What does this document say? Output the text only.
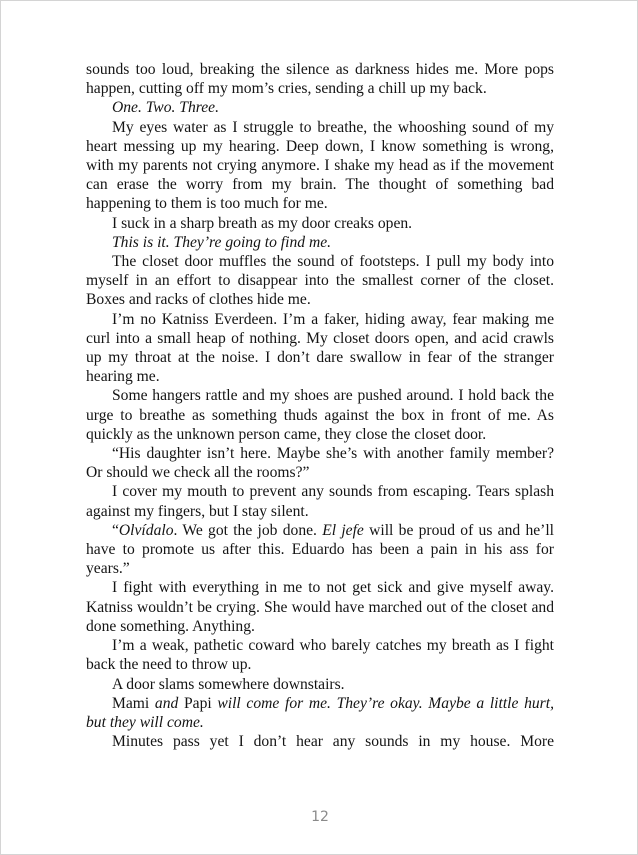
sounds too loud, breaking the silence as darkness hides me. More pops happen, cutting off my mom’s cries, sending a chill up my back.

One. Two. Three.

My eyes water as I struggle to breathe, the whooshing sound of my heart messing up my hearing. Deep down, I know something is wrong, with my parents not crying anymore. I shake my head as if the movement can erase the worry from my brain. The thought of something bad happening to them is too much for me.

I suck in a sharp breath as my door creaks open.

This is it. They’re going to find me.

The closet door muffles the sound of footsteps. I pull my body into myself in an effort to disappear into the smallest corner of the closet. Boxes and racks of clothes hide me.

I’m no Katniss Everdeen. I’m a faker, hiding away, fear making me curl into a small heap of nothing. My closet doors open, and acid crawls up my throat at the noise. I don’t dare swallow in fear of the stranger hearing me.

Some hangers rattle and my shoes are pushed around. I hold back the urge to breathe as something thuds against the box in front of me. As quickly as the unknown person came, they close the closet door.

“His daughter isn’t here. Maybe she’s with another family member? Or should we check all the rooms?”

I cover my mouth to prevent any sounds from escaping. Tears splash against my fingers, but I stay silent.

“Olvídalo. We got the job done. El jefe will be proud of us and he’ll have to promote us after this. Eduardo has been a pain in his ass for years.”

I fight with everything in me to not get sick and give myself away. Katniss wouldn’t be crying. She would have marched out of the closet and done something. Anything.

I’m a weak, pathetic coward who barely catches my breath as I fight back the need to throw up.

A door slams somewhere downstairs.

Mami and Papi will come for me. They’re okay. Maybe a little hurt, but they will come.

Minutes pass yet I don’t hear any sounds in my house. More

12
